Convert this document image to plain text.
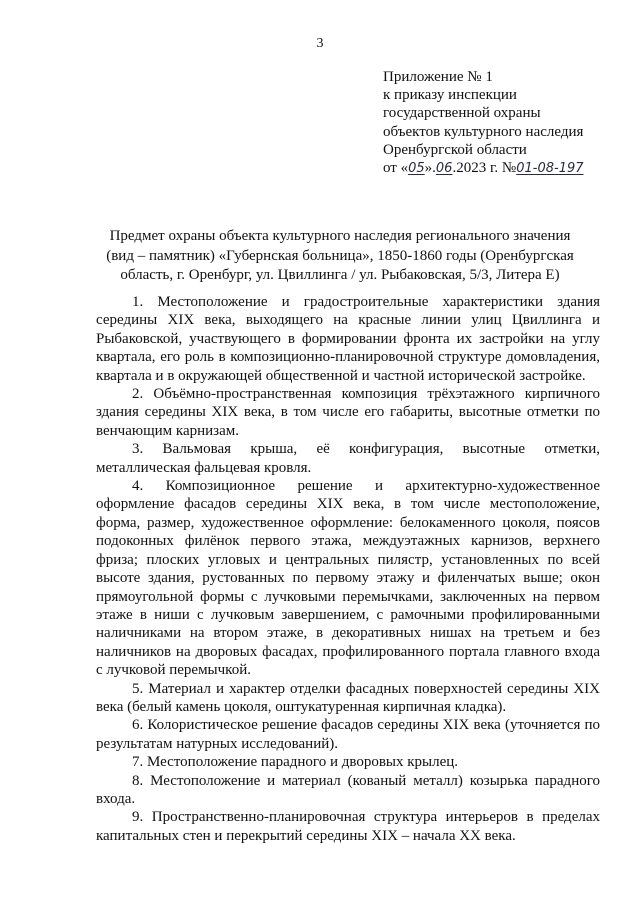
3
Приложение № 1
к приказу инспекции
государственной охраны
объектов культурного наследия
Оренбургской области
от «05».06.2023 г. №01-08-197
Предмет охраны объекта культурного наследия регионального значения (вид – памятник) «Губернская больница», 1850-1860 годы (Оренбургская область, г. Оренбург, ул. Цвиллинга / ул. Рыбаковская, 5/3, Литера Е)

1. Местоположение и градостроительные характеристики здания середины XIX века, выходящего на красные линии улиц Цвиллинга и Рыбаковской, участвующего в формировании фронта их застройки на углу квартала, его роль в композиционно-планировочной структуре домовладения, квартала и в окружающей общественной и частной исторической застройке.

2. Объёмно-пространственная композиция трёхэтажного кирпичного здания середины XIX века, в том числе его габариты, высотные отметки по венчающим карнизам.

3. Вальмовая крыша, её конфигурация, высотные отметки, металлическая фальцевая кровля.

4. Композиционное решение и архитектурно-художественное оформление фасадов середины XIX века, в том числе местоположение, форма, размер, художественное оформление: белокаменного цоколя, поясов подоконных филёнок первого этажа, междуэтажных карнизов, верхнего фриза; плоских угловых и центральных пилястр, установленных по всей высоте здания, рустованных по первому этажу и филенчатых выше; окон прямоугольной формы с лучковыми перемычками, заключенных на первом этаже в ниши с лучковым завершением, с рамочными профилированными наличниками на втором этаже, в декоративных нишах на третьем и без наличников на дворовых фасадах, профилированного портала главного входа с лучковой перемычкой.

5. Материал и характер отделки фасадных поверхностей середины XIX века (белый камень цоколя, оштукатуренная кирпичная кладка).

6. Колористическое решение фасадов середины XIX века (уточняется по результатам натурных исследований).

7. Местоположение парадного и дворовых крылец.

8. Местоположение и материал (кованый металл) козырька парадного входа.

9. Пространственно-планировочная структура интерьеров в пределах капитальных стен и перекрытий середины XIX – начала XX века.
